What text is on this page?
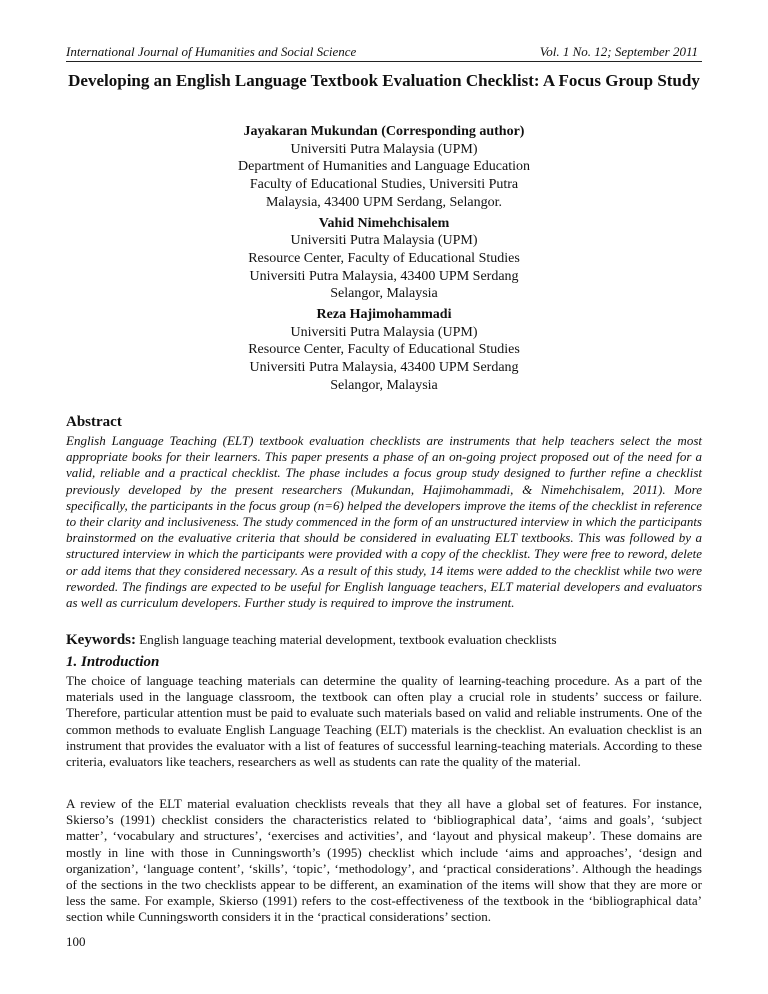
International Journal of Humanities and Social Science	Vol. 1 No. 12; September 2011
Developing an English Language Textbook Evaluation Checklist: A Focus Group Study
Jayakaran Mukundan (Corresponding author)
Universiti Putra Malaysia (UPM)
Department of Humanities and Language Education
Faculty of Educational Studies, Universiti Putra
Malaysia, 43400 UPM Serdang, Selangor.
Vahid Nimehchisalem
Universiti Putra Malaysia (UPM)
Resource Center, Faculty of Educational Studies
Universiti Putra Malaysia, 43400 UPM Serdang
Selangor, Malaysia
Reza Hajimohammadi
Universiti Putra Malaysia (UPM)
Resource Center, Faculty of Educational Studies
Universiti Putra Malaysia, 43400 UPM Serdang
Selangor, Malaysia
Abstract
English Language Teaching (ELT) textbook evaluation checklists are instruments that help teachers select the most appropriate books for their learners. This paper presents a phase of an on-going project proposed out of the need for a valid, reliable and a practical checklist. The phase includes a focus group study designed to further refine a checklist previously developed by the present researchers (Mukundan, Hajimohammadi, & Nimehchisalem, 2011). More specifically, the participants in the focus group (n=6) helped the developers improve the items of the checklist in reference to their clarity and inclusiveness. The study commenced in the form of an unstructured interview in which the participants brainstormed on the evaluative criteria that should be considered in evaluating ELT textbooks. This was followed by a structured interview in which the participants were provided with a copy of the checklist. They were free to reword, delete or add items that they considered necessary. As a result of this study, 14 items were added to the checklist while two were reworded. The findings are expected to be useful for English language teachers, ELT material developers and evaluators as well as curriculum developers. Further study is required to improve the instrument.
Keywords: English language teaching material development, textbook evaluation checklists
1. Introduction
The choice of language teaching materials can determine the quality of learning-teaching procedure. As a part of the materials used in the language classroom, the textbook can often play a crucial role in students’ success or failure. Therefore, particular attention must be paid to evaluate such materials based on valid and reliable instruments. One of the common methods to evaluate English Language Teaching (ELT) materials is the checklist. An evaluation checklist is an instrument that provides the evaluator with a list of features of successful learning-teaching materials. According to these criteria, evaluators like teachers, researchers as well as students can rate the quality of the material.
A review of the ELT material evaluation checklists reveals that they all have a global set of features. For instance, Skierso’s (1991) checklist considers the characteristics related to ‘bibliographical data’, ‘aims and goals’, ‘subject matter’, ‘vocabulary and structures’, ‘exercises and activities’, and ‘layout and physical makeup’. These domains are mostly in line with those in Cunningsworth’s (1995) checklist which include ‘aims and approaches’, ‘design and organization’, ‘language content’, ‘skills’, ‘topic’, ‘methodology’, and ‘practical considerations’. Although the headings of the sections in the two checklists appear to be different, an examination of the items will show that they are more or less the same. For example, Skierso (1991) refers to the cost-effectiveness of the textbook in the ‘bibliographical data’ section while Cunningsworth considers it in the ‘practical considerations’ section.
100
